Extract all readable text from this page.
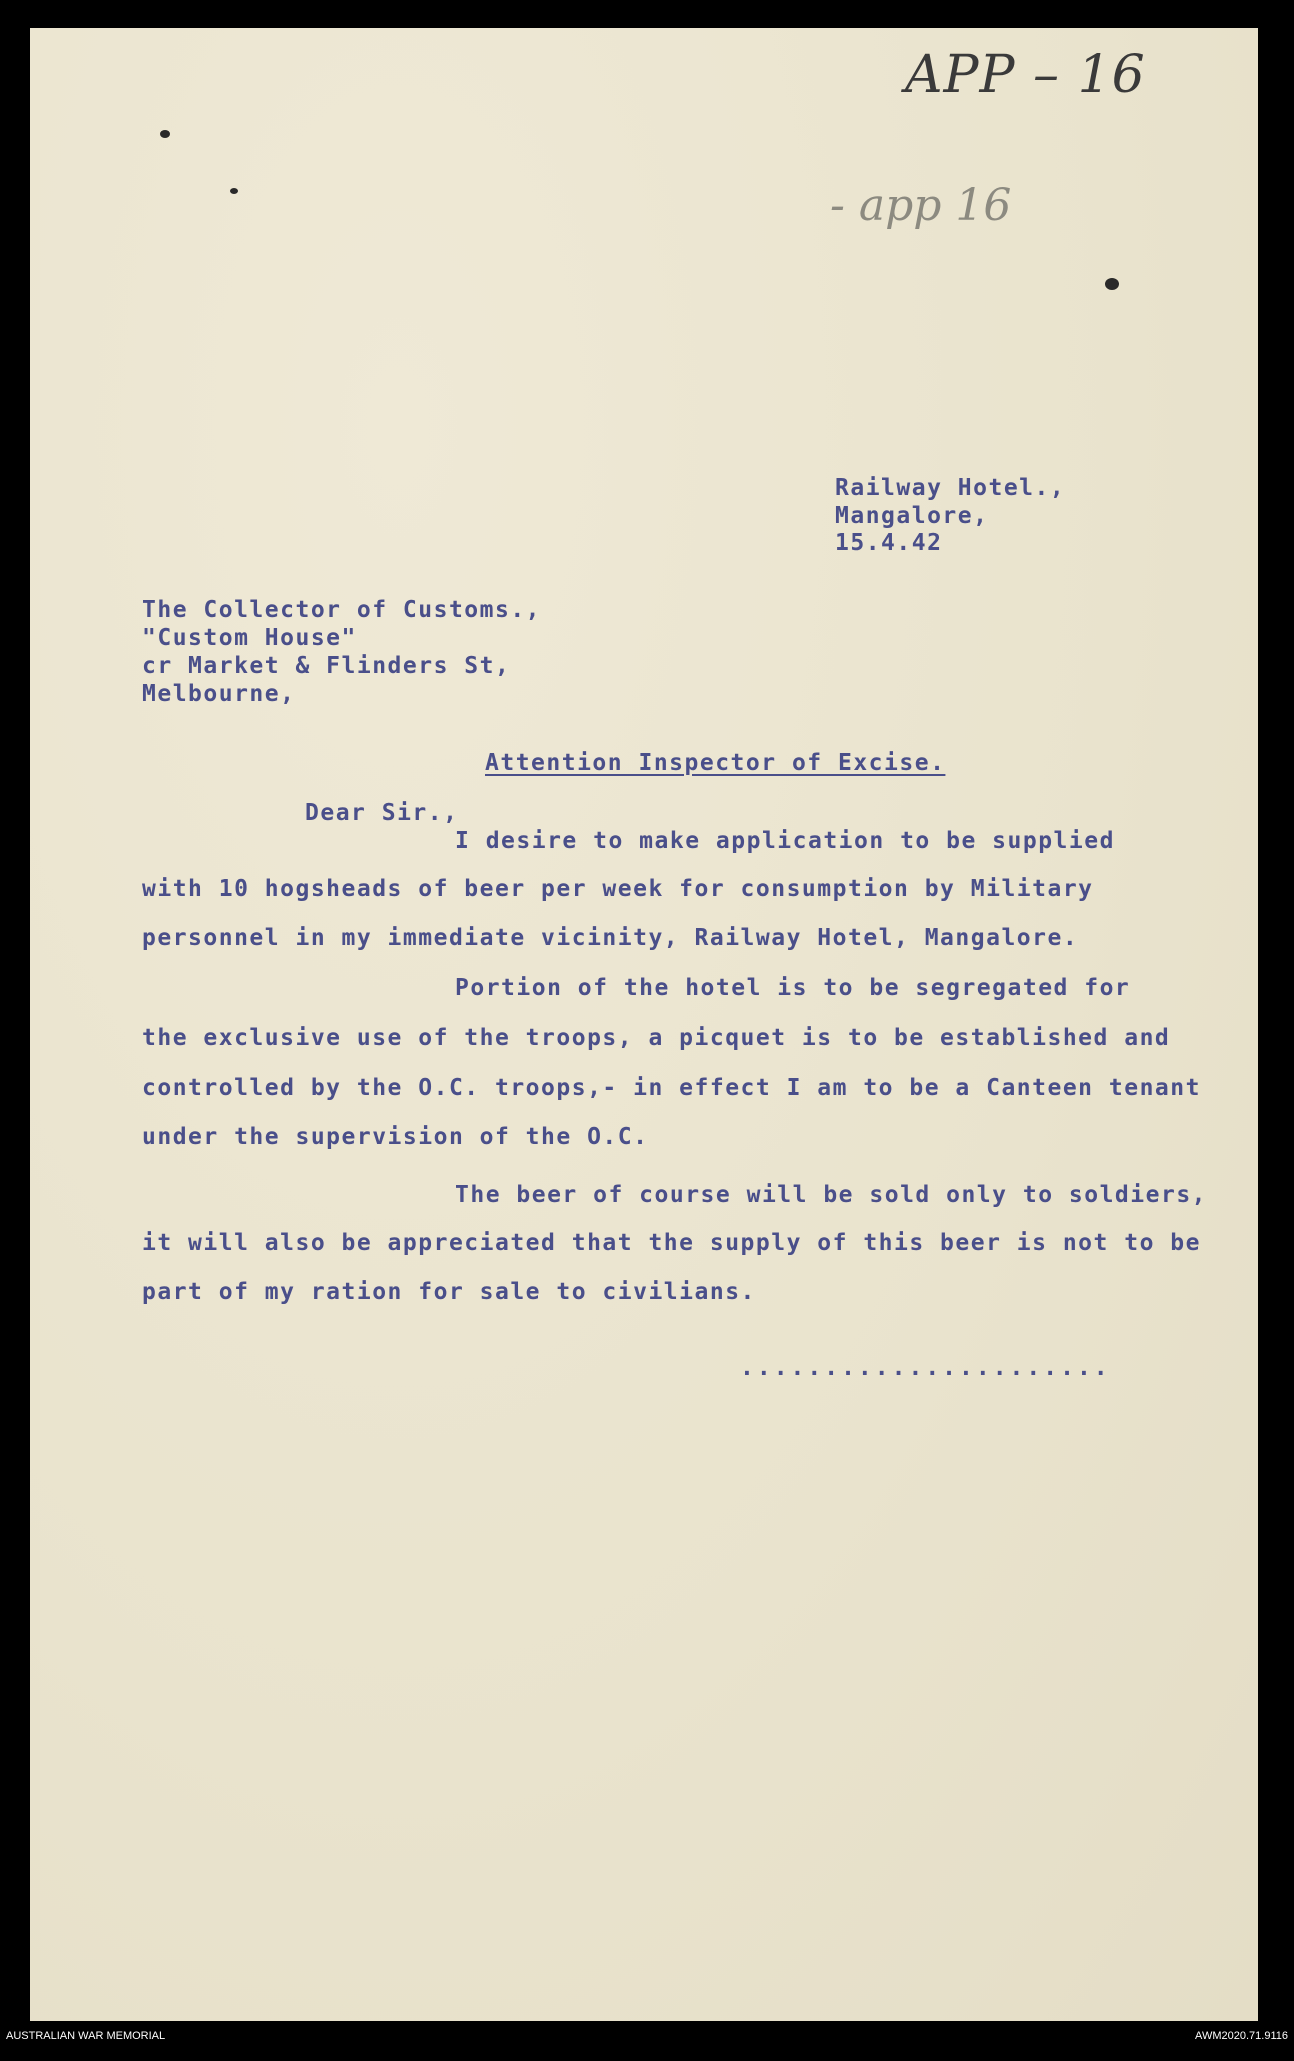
APP – 16
- app 16
Railway Hotel.,
Mangalore,
15.4.42
The Collector of Customs.,
"Custom House"
cr Market & Flinders St,
Melbourne,
Attention Inspector of Excise.
Dear Sir.,
I desire to make application to be supplied
with 10 hogsheads of beer per week for consumption by Military
personnel in my immediate vicinity, Railway Hotel, Mangalore.
Portion of the hotel is to be segregated for
the exclusive use of the troops, a picquet is to be established and
controlled by the O.C. troops,- in effect I am to be a Canteen tenant
under the supervision of the O.C.
The beer of course will be sold only to soldiers,
it will also be appreciated that the supply of this beer is not to be
part of my ration for sale to civilians.
......................
AUSTRALIAN WAR MEMORIAL	AWM2020.71.9116
